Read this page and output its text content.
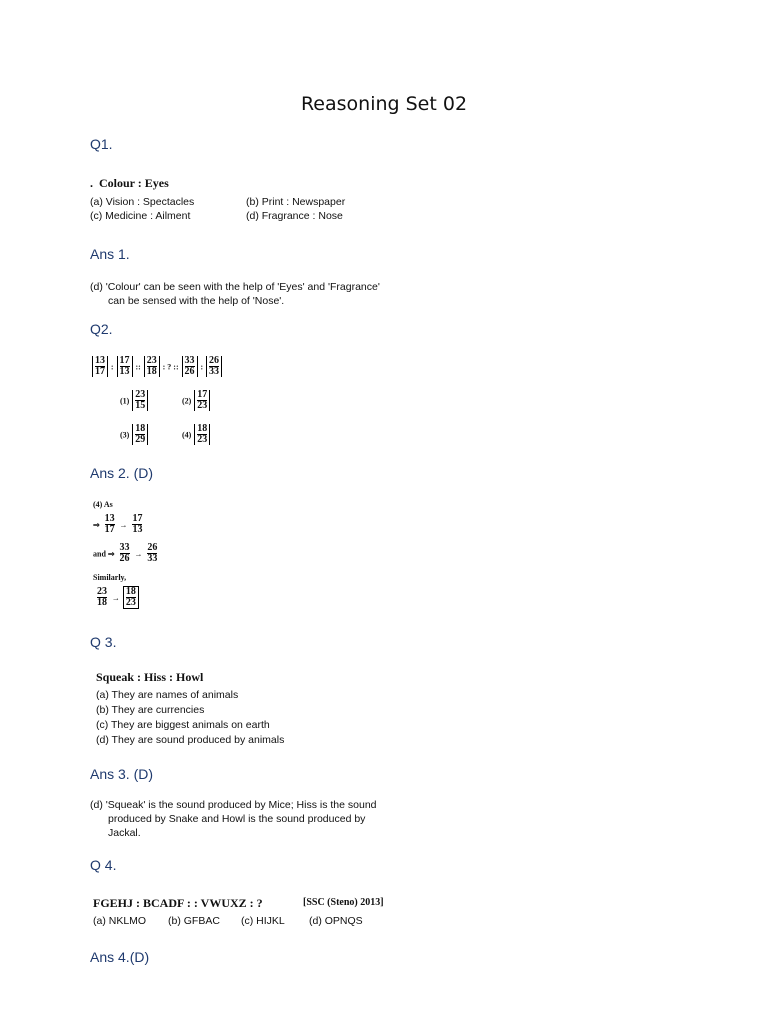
Reasoning Set 02
Q1.
. Colour : Eyes
(a) Vision : Spectacles	(b) Print : Newspaper
(c) Medicine : Ailment	(d) Fragrance : Nose
Ans 1.
(d) 'Colour' can be seen with the help of 'Eyes' and 'Fragrance'
can be sensed with the help of 'Nose'.
Q2.
$\frac{13}{17}$ : $\frac{17}{13}$ :: $\frac{23}{18}$ : ? :: $\frac{33}{26}$ : $\frac{26}{33}$
$(1) \frac{23}{15}$	$(2) \frac{17}{23}$
$(3) \frac{18}{29}$	$(4) \frac{18}{23}$
Ans 2. (D)
(4) As
⇒ $\frac{13}{17} \to \frac{17}{13}$
and ⇒ $\frac{33}{26} \to \frac{26}{33}$
Similarly,
$\frac{23}{18} \to \frac{18}{23}$
Q 3.
Squeak : Hiss : Howl
(a) They are names of animals
(b) They are currencies
(c) They are biggest animals on earth
(d) They are sound produced by animals
Ans 3. (D)
(d) 'Squeak' is the sound produced by Mice; Hiss is the sound
produced by Snake and Howl is the sound produced by
Jackal.
Q 4.
FGEHJ : BCADF : : VWUXZ : ?	[SSC (Steno) 2013]
(a) NKLMO (b) GFBAC (c) HIJKL (d) OPNQS
Ans 4.(D)
